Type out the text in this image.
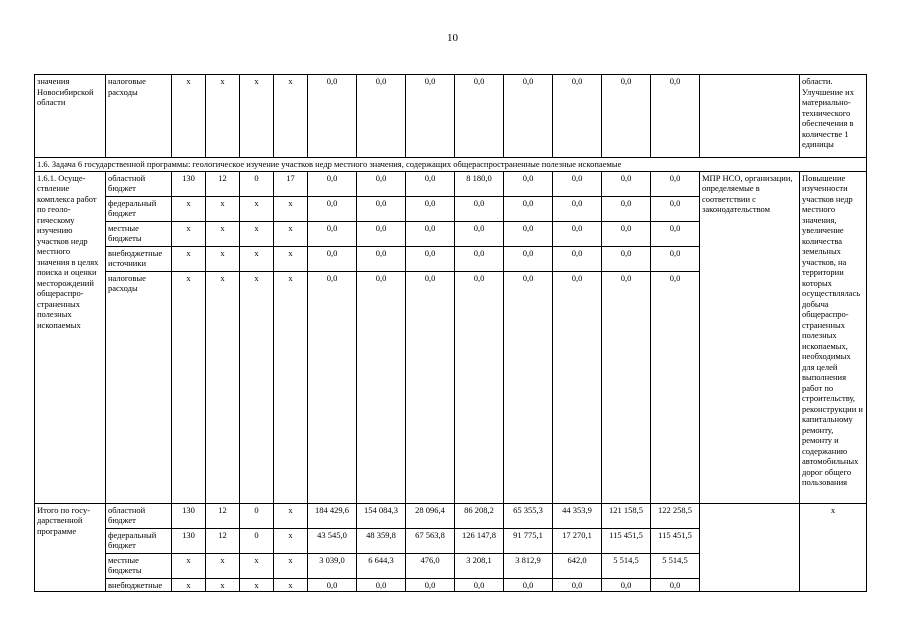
10
значения Новосибирской области	налоговые расходы	х	х	х	х	0,0	0,0	0,0	0,0	0,0	0,0	0,0	0,0		области. Улучшение их материально-технического обеспечения в количестве 1 единицы
1.6. Задача 6 государственной программы: геологическое изучение участков недр местного значения, содержащих общераспространенные полезные ископаемые															
1.6.1. Осуще-ствление комплекса работ по геоло-гическому изучению участков недр местного значения в целях поиска и оценки месторождений общераспро-страненных полезных ископаемых	областной бюджет	130	12	0	17	0,0	0,0	0,0	8 180,0	0,0	0,0	0,0	0,0	МПР НСО, организации, определяемые в соответствии с законодательством	Повышение изученности участков недр местного значения, увеличение количества земельных участков, на территории которых осуществлялась добыча общераспро-страненных полезных ископаемых, необходимых для целей выполнения работ по строительству, реконструкции и капитальному ремонту, ремонту и содержанию автомобильных дорог общего пользования
	федеральный бюджет	х	х	х	х	0,0	0,0	0,0	0,0	0,0	0,0	0,0	0,0		
	местные бюджеты	х	х	х	х	0,0	0,0	0,0	0,0	0,0	0,0	0,0	0,0		
	внебюджетные источники	х	х	х	х	0,0	0,0	0,0	0,0	0,0	0,0	0,0	0,0		
	налоговые расходы	х	х	х	х	0,0	0,0	0,0	0,0	0,0	0,0	0,0	0,0		
Итого по госу-дарственной программе	областной бюджет	130	12	0	х	184 429,6	154 084,3	28 096,4	86 208,2	65 355,3	44 353,9	121 158,5	122 258,5		х
	федеральный бюджет	130	12	0	х	43 545,0	48 359,8	67 563,8	126 147,8	91 775,1	17 270,1	115 451,5	115 451,5		
	местные бюджеты	х	х	х	х	3 039,0	6 644,3	476,0	3 208,1	3 812,9	642,0	5 514,5	5 514,5		
	внебюджетные	х	х	х	х	0,0	0,0	0,0	0,0	0,0	0,0	0,0	0,0		
